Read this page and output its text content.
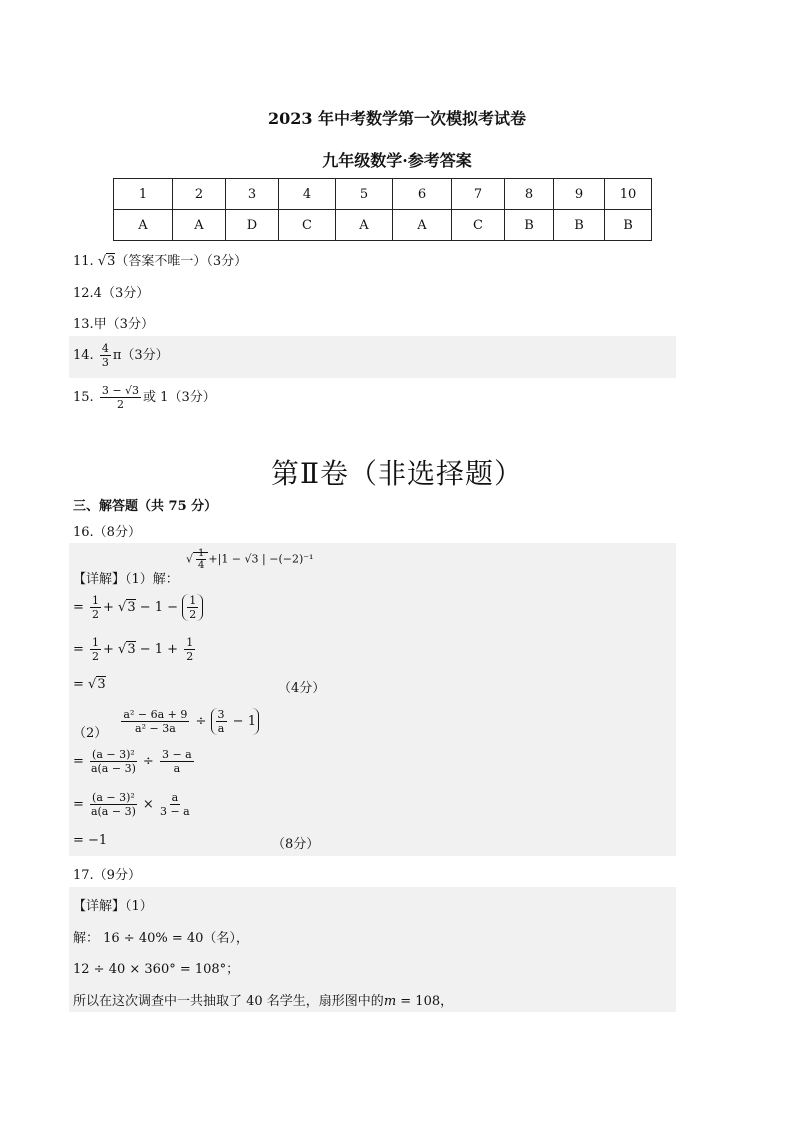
2023 年中考数学第一次模拟考试卷
九年级数学·参考答案
1	2	3	4	5	6	7	8	9	10
A	A	D	C	A	A	C	B	B	B
11. √3（答案不唯一）（3分）
12.4（3分）
13.甲（3分）
14. $\frac{4}{3} \pi(3$分）
15. $\frac{3 - √3}{2}$ 或 1（3分）
第Ⅱ卷（非选择题）
三、解答题（共 75 分）
16.（8分）
√ $\frac{1}{4} +|1 - √3$ | −(−2)⁻¹
【详解】（1）解：
= $\frac{1}{2} + √3 - 1 - \frac{1}{2}$
= $\frac{1}{2} + √3 - 1 + \frac{1}{2}$
= √3	（4分）
$(2) \frac{\text{a² − 6a + 9}}{\text{a² − 3a}} \div \frac{3}{a} - 1$
= $\frac{\text{(a − 3)²}}{a(a - 3)} \div \frac{3 - a}{a}$
= $\frac{\text{(a − 3)²}}{a(a - 3)} \times \frac{a}{3 - a}$
= −1	（8分）
17.（9分）
【详解】（1）
解： 16 ÷ 40% = 40（名），
12 ÷ 40 × 360° = 108°；
所以在这次调查中一共抽取了 40 名学生，扇形图中的m = 108，
